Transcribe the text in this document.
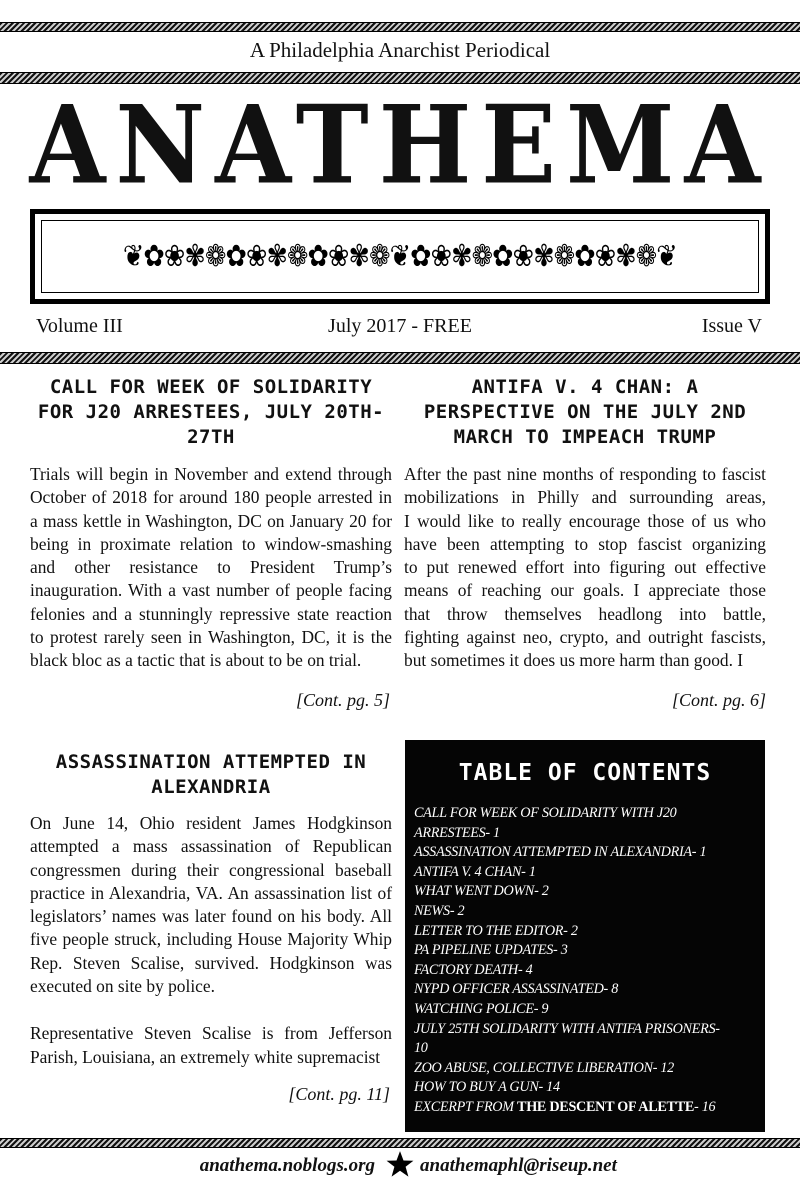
A Philadelphia Anarchist Periodical
ANATHEMA
❦✿❀✾❁✿❀✾❁✿❀✾❁❦✿❀✾❁✿❀✾❁✿❀✾❁❦
Volume III	July 2017 - FREE	Issue V
CALL FOR WEEK OF SOLIDARITY FOR J20 ARRESTEES, JULY 20TH-27TH
Trials will begin in November and extend through
October of 2018 for around 180 people arrested in
a mass kettle in Washington, DC on January 20 for
being in proximate relation to window-smashing
and other resistance to President Trump’s
inauguration. With a vast number of people facing
felonies and a stunningly repressive state reaction
to protest rarely seen in Washington, DC, it is the
black bloc as a tactic that is about to be on trial.
[Cont. pg. 5]
ANTIFA V. 4 CHAN: A PERSPECTIVE ON THE JULY 2ND MARCH TO IMPEACH TRUMP
After the past nine months of responding to fascist
mobilizations in Philly and surrounding areas,
I would like to really encourage those of us who
have been attempting to stop fascist organizing
to put renewed effort into figuring out effective
means of reaching our goals. I appreciate those
that throw themselves headlong into battle,
fighting against neo, crypto, and outright fascists,
but sometimes it does us more harm than good. I
[Cont. pg. 6]
ASSASSINATION ATTEMPTED IN ALEXANDRIA
On June 14, Ohio resident James Hodgkinson
attempted a mass assassination of Republican
congressmen during their congressional baseball
practice in Alexandria, VA. An assassination list of
legislators’ names was later found on his body. All
five people struck, including House Majority Whip
Rep. Steven Scalise, survived. Hodgkinson was
executed on site by police.
Representative Steven Scalise is from Jefferson
Parish, Louisiana, an extremely white supremacist
[Cont. pg. 11]
TABLE OF CONTENTS
CALL FOR WEEK OF SOLIDARITY WITH J20
ARRESTEES- 1
ASSASSINATION ATTEMPTED IN ALEXANDRIA- 1
ANTIFA V. 4 CHAN- 1
WHAT WENT DOWN- 2
NEWS- 2
LETTER TO THE EDITOR- 2
PA PIPELINE UPDATES- 3
FACTORY DEATH- 4
NYPD OFFICER ASSASSINATED- 8
WATCHING POLICE- 9
JULY 25TH SOLIDARITY WITH ANTIFA PRISONERS-
10
ZOO ABUSE, COLLECTIVE LIBERATION- 12
HOW TO BUY A GUN- 14
EXCERPT FROM THE DESCENT OF ALETTE- 16
anathema.noblogs.org anathemaphl@riseup.net
